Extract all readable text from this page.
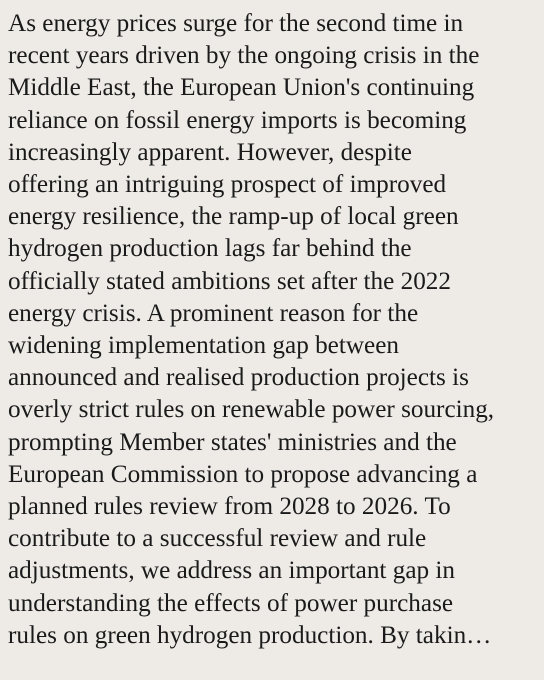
As energy prices surge for the second time in
recent years driven by the ongoing crisis in the
Middle East, the European Union's continuing
reliance on fossil energy imports is becoming
increasingly apparent. However, despite
offering an intriguing prospect of improved
energy resilience, the ramp-up of local green
hydrogen production lags far behind the
officially stated ambitions set after the 2022
energy crisis. A prominent reason for the
widening implementation gap between
announced and realised production projects is
overly strict rules on renewable power sourcing,
prompting Member states' ministries and the
European Commission to propose advancing a
planned rules review from 2028 to 2026. To
contribute to a successful review and rule
adjustments, we address an important gap in
understanding the effects of power purchase
rules on green hydrogen production. By takin…
